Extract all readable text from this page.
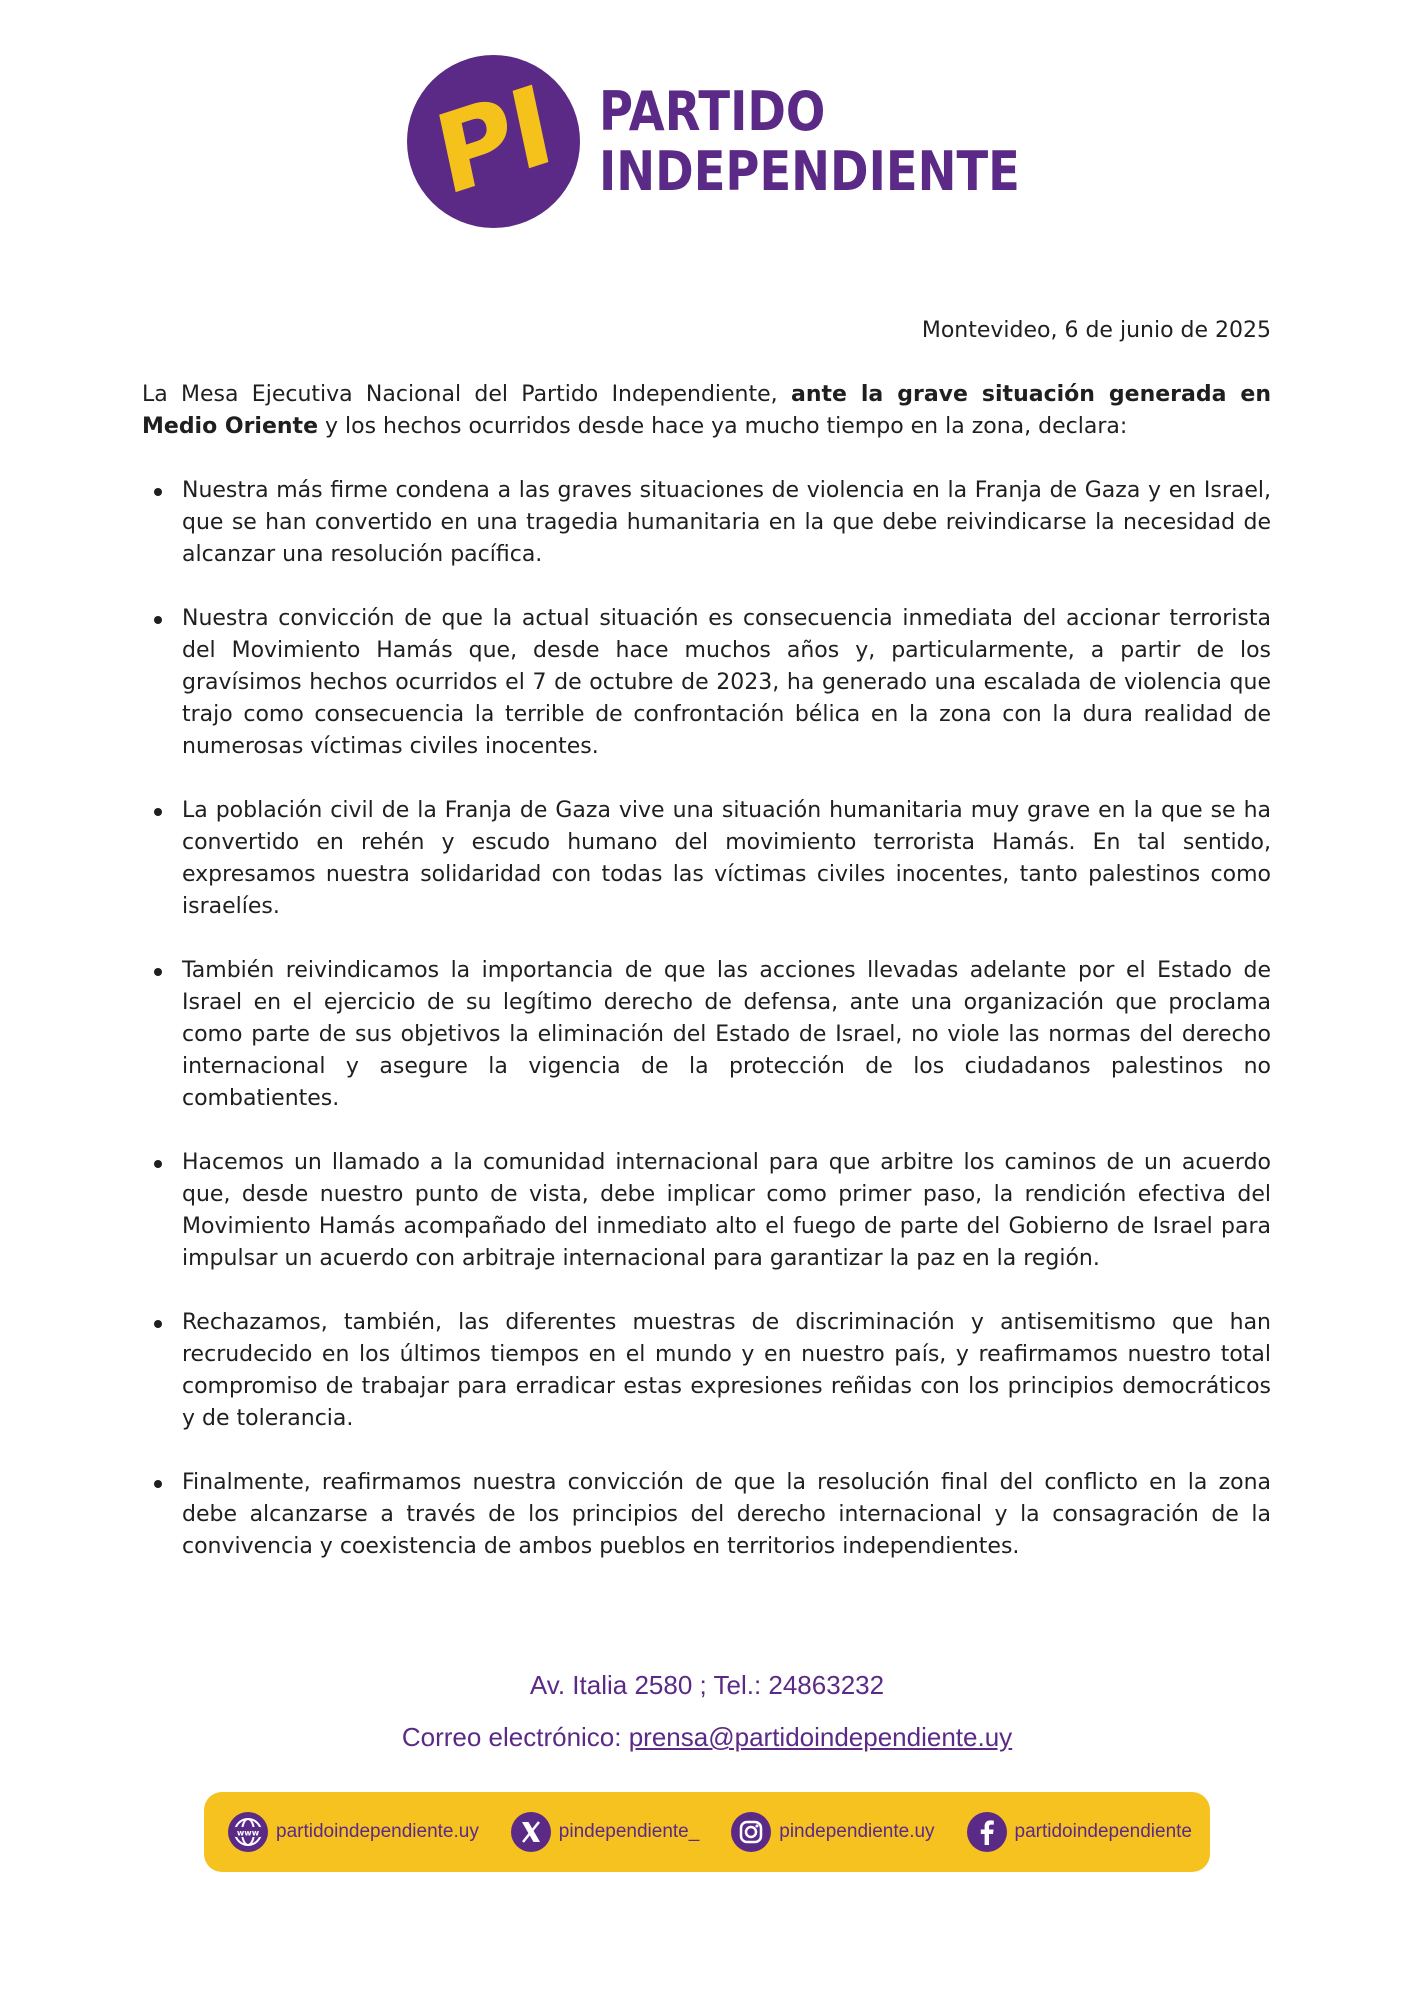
PI PARTIDO
INDEPENDIENTE

Montevideo, 6 de junio de 2025

La Mesa Ejecutiva Nacional del Partido Independiente, ante la grave situación generada en Medio Oriente y los hechos ocurridos desde hace ya mucho tiempo en la zona, declara:

Nuestra más firme condena a las graves situaciones de violencia en la Franja de Gaza y en Israel, que se han convertido en una tragedia humanitaria en la que debe reivindicarse la necesidad de alcanzar una resolución pacífica.
Nuestra convicción de que la actual situación es consecuencia inmediata del accionar terrorista del Movimiento Hamás que, desde hace muchos años y, particularmente, a partir de los gravísimos hechos ocurridos el 7 de octubre de 2023, ha generado una escalada de violencia que trajo como consecuencia la terrible de confrontación bélica en la zona con la dura realidad de numerosas víctimas civiles inocentes.
La población civil de la Franja de Gaza vive una situación humanitaria muy grave en la que se ha convertido en rehén y escudo humano del movimiento terrorista Hamás. En tal sentido, expresamos nuestra solidaridad con todas las víctimas civiles inocentes, tanto palestinos como israelíes.
También reivindicamos la importancia de que las acciones llevadas adelante por el Estado de Israel en el ejercicio de su legítimo derecho de defensa, ante una organización que proclama como parte de sus objetivos la eliminación del Estado de Israel, no viole las normas del derecho internacional y asegure la vigencia de la protección de los ciudadanos palestinos no combatientes.
Hacemos un llamado a la comunidad internacional para que arbitre los caminos de un acuerdo que, desde nuestro punto de vista, debe implicar como primer paso, la rendición efectiva del Movimiento Hamás acompañado del inmediato alto el fuego de parte del Gobierno de Israel para impulsar un acuerdo con arbitraje internacional para garantizar la paz en la región.
Rechazamos, también, las diferentes muestras de discriminación y antisemitismo que han recrudecido en los últimos tiempos en el mundo y en nuestro país, y reafirmamos nuestro total compromiso de trabajar para erradicar estas expresiones reñidas con los principios democráticos y de tolerancia.
Finalmente, reafirmamos nuestra convicción de que la resolución final del conflicto en la zona debe alcanzarse a través de los principios del derecho internacional y la consagración de la convivencia y coexistencia de ambos pueblos en territorios independientes.
Av. Italia 2580 ; Tel.: 24863232
Correo electrónico: prensa@partidoindependiente.uy
www partidoindependiente.uy	pindependiente_	pindependiente.uy	partidoindependiente
